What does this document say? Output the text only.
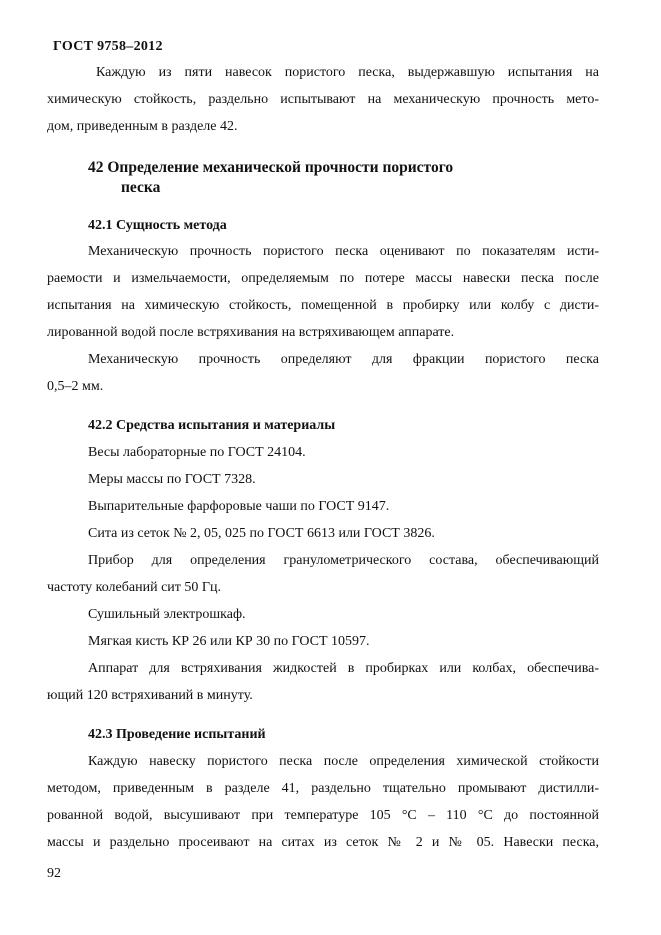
ГОСТ 9758–2012
Каждую из пяти навесок пористого песка, выдержавшую испытания на
химическую стойкость, раздельно испытывают на механическую прочность мето-
дом, приведенным в разделе 42.
42 Определение механической прочности пористого
песка
42.1 Сущность метода
Механическую прочность пористого песка оценивают по показателям исти-
раемости и измельчаемости, определяемым по потере массы навески песка после
испытания на химическую стойкость, помещенной в пробирку или колбу с дисти-
лированной водой после встряхивания на встряхивающем аппарате.
Механическую прочность определяют для фракции пористого песка
0,5–2 мм.
42.2 Средства испытания и материалы
Весы лабораторные по ГОСТ 24104.
Меры массы по ГОСТ 7328.
Выпарительные фарфоровые чаши по ГОСТ 9147.
Сита из сеток № 2, 05, 025 по ГОСТ 6613 или ГОСТ 3826.
Прибор для определения гранулометрического состава, обеспечивающий
частоту колебаний сит 50 Гц.
Сушильный электрошкаф.
Мягкая кисть КР 26 или КР 30 по ГОСТ 10597.
Аппарат для встряхивания жидкостей в пробирках или колбах, обеспечива-
ющий 120 встряхиваний в минуту.
42.3 Проведение испытаний
Каждую навеску пористого песка после определения химической стойкости
методом, приведенным в разделе 41, раздельно тщательно промывают дистилли-
рованной водой, высушивают при температуре 105 °С – 110 °С до постоянной
массы и раздельно просеивают на ситах из сеток № 2 и № 05. Навески песка,
92
